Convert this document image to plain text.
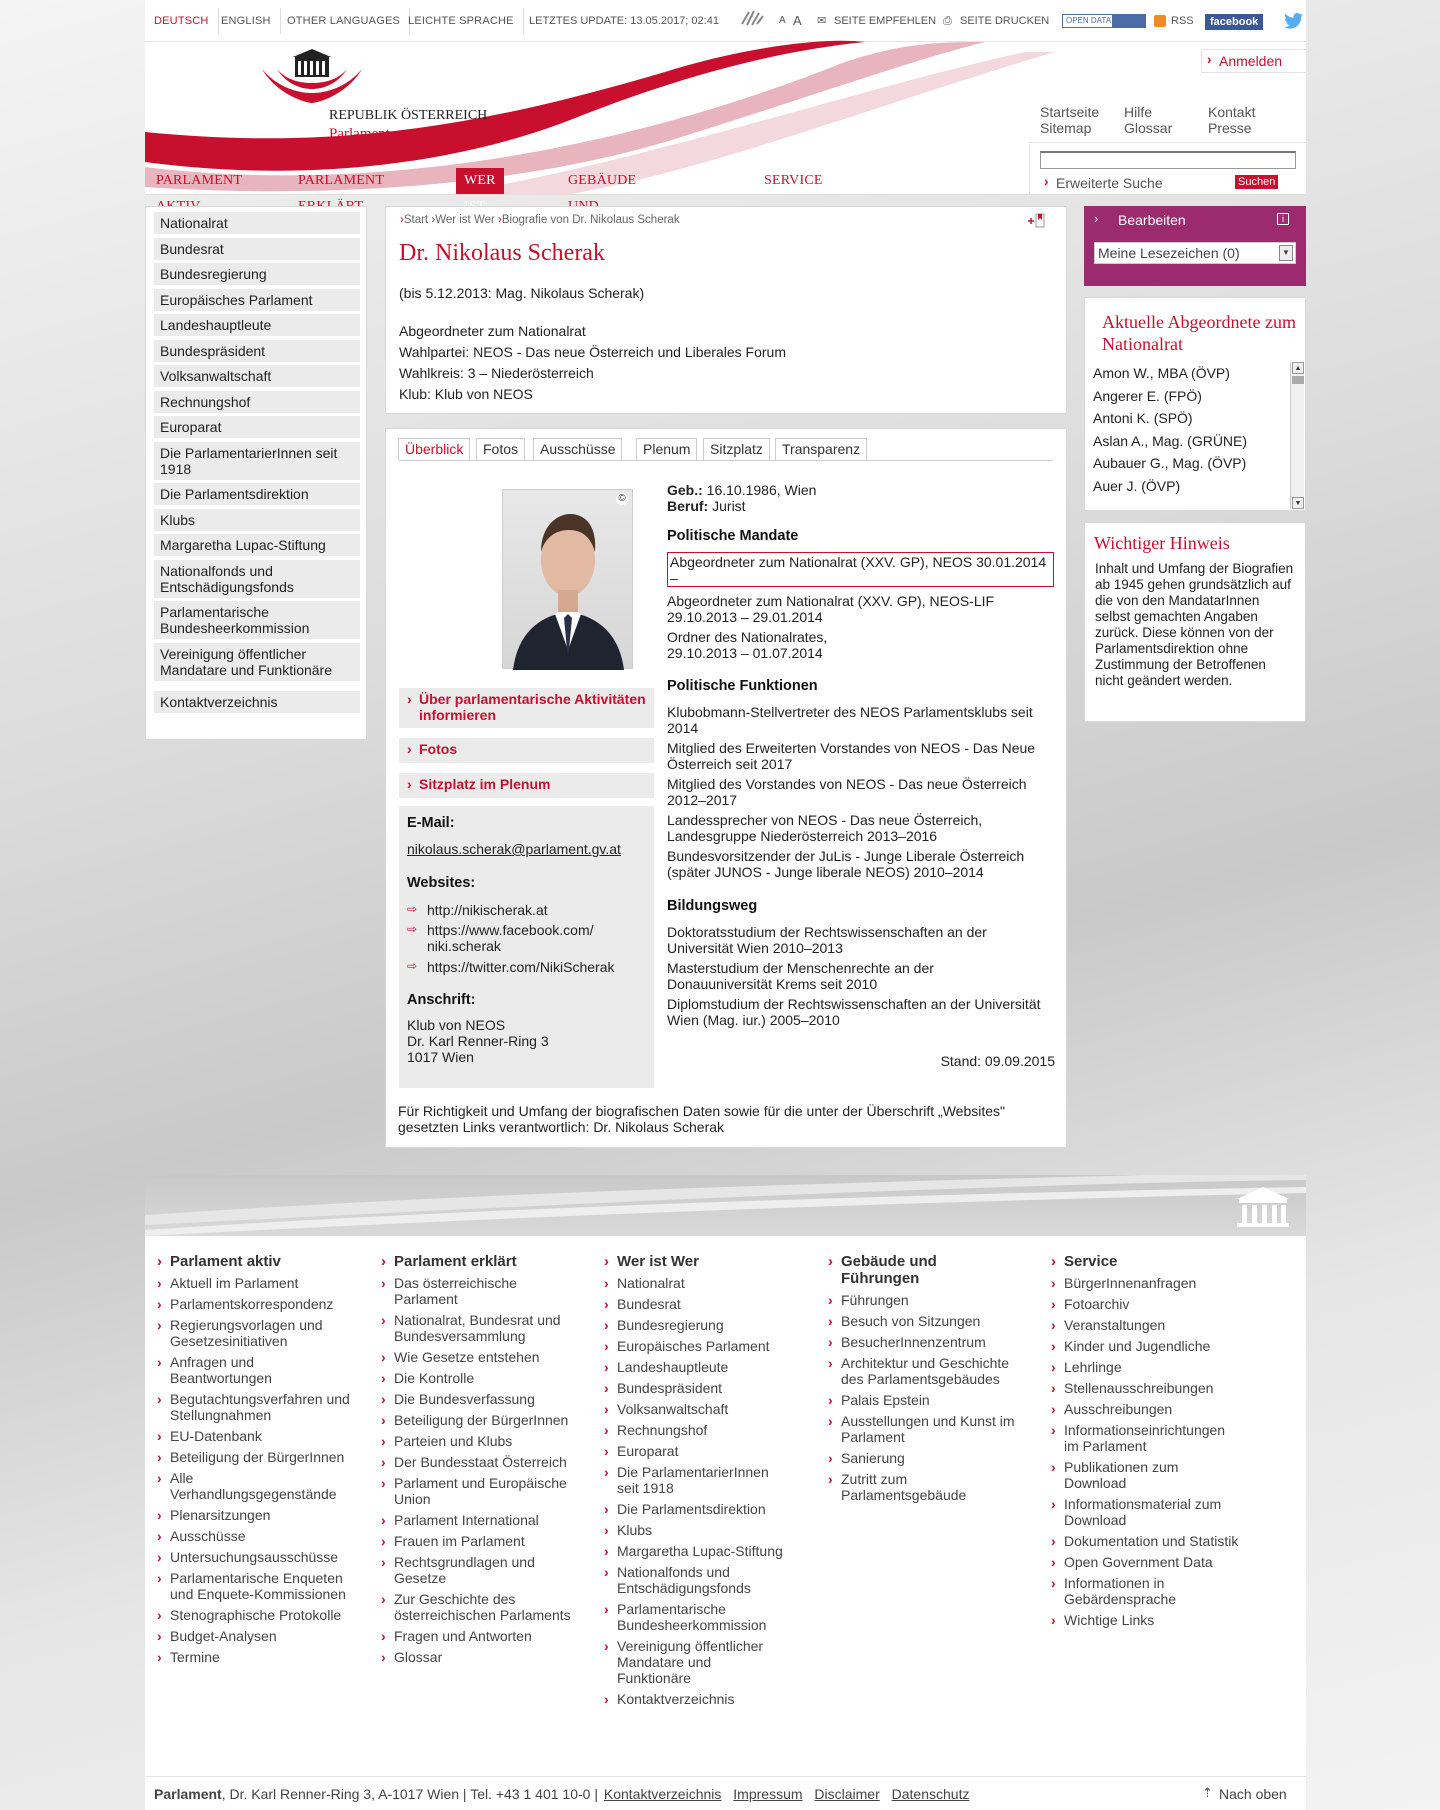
DEUTSCH	ENGLISH	OTHER LANGUAGES LEICHTE SPRACHE	LETZTES UPDATE: 13.05.2017; 02:41	A A ✉ SEITE EMPFEHLEN ⎙ SEITE DRUCKEN	OPEN DATA	RSS	facebook
REPUBLIK ÖSTERREICH
Parlament
› Anmelden
Startseite
Sitemap
Hilfe
Glossar
Kontakt
Presse
› Erweiterte Suche	Suchen
PARLAMENT	PARLAMENT	WER	GEBÄUDE	SERVICE
Nationalrat
Bundesrat
Bundesregierung
Europäisches Parlament
Landeshauptleute
Bundespräsident
Volksanwaltschaft
Rechnungshof
Europarat
Die ParlamentarierInnen seit 1918
Die Parlamentsdirektion
Klubs
Margaretha Lupac-Stiftung
Nationalfonds und Entschädigungsfonds
Parlamentarische Bundesheerkommission
Vereinigung öffentlicher Mandatare und Funktionäre
Kontaktverzeichnis
›Start ›Wer ist Wer ›Biografie von Dr. Nikolaus Scherak
Dr. Nikolaus Scherak
(bis 5.12.2013: Mag. Nikolaus Scherak)
Abgeordneter zum Nationalrat
Wahlpartei: NEOS - Das neue Österreich und Liberales Forum
Wahlkreis: 3 – Niederösterreich
Klub: Klub von NEOS
Überblick	Fotos	Ausschüsse	Plenum	Sitzplatz	Transparenz
©
Über parlamentarische Aktivitäten informieren
Fotos
Sitzplatz im Plenum
E-Mail:
nikolaus.scherak@parlament.gv.at
Websites:
⇨ http://nikischerak.at
⇨ https://www.facebook.com/ niki.scherak
⇨ https://twitter.com/NikiScherak
Anschrift:
Klub von NEOS
Dr. Karl Renner-Ring 3
1017 Wien
Geb.: 16.10.1986, Wien
Beruf: Jurist
Politische Mandate
Abgeordneter zum Nationalrat (XXV. GP), NEOS 30.01.2014 –
Abgeordneter zum Nationalrat (XXV. GP), NEOS-LIF 29.10.2013 – 29.01.2014
Ordner des Nationalrates, 29.10.2013 – 01.07.2014
Politische Funktionen
Klubobmann-Stellvertreter des NEOS Parlamentsklubs seit 2014
Mitglied des Erweiterten Vorstandes von NEOS - Das Neue Österreich seit 2017
Mitglied des Vorstandes von NEOS - Das neue Österreich 2012–2017
Landessprecher von NEOS - Das neue Österreich, Landesgruppe Niederösterreich 2013–2016
Bundesvorsitzender der JuLis - Junge Liberale Österreich (später JUNOS - Junge liberale NEOS) 2010–2014
Bildungsweg
Doktoratsstudium der Rechtswissenschaften an der Universität Wien 2010–2013
Masterstudium der Menschenrechte an der Donauuniversität Krems seit 2010
Diplomstudium der Rechtswissenschaften an der Universität Wien (Mag. iur.) 2005–2010
Stand: 09.09.2015
Für Richtigkeit und Umfang der biografischen Daten sowie für die unter der Überschrift „Websites" gesetzten Links verantwortlich: Dr. Nikolaus Scherak
› Bearbeiten	i
Meine Lesezeichen (0)	▼
Aktuelle Abgeordnete zum Nationalrat
Amon W., MBA (ÖVP)
Angerer E. (FPÖ)
Antoni K. (SPÖ)
Aslan A., Mag. (GRÜNE)
Aubauer G., Mag. (ÖVP)
Auer J. (ÖVP)
▲
▼
Wichtiger Hinweis
Inhalt und Umfang der Biografien ab 1945 gehen grundsätzlich auf die von den MandatarInnen selbst gemachten Angaben zurück. Diese können von der Parlamentsdirektion ohne Zustimmung der Betroffenen nicht geändert werden.
› Parlament aktiv
› Aktuell im Parlament
› Parlamentskorrespondenz
› Regierungsvorlagen und Gesetzesinitiativen
› Anfragen und Beantwortungen
› Begutachtungsverfahren und Stellungnahmen
› EU-Datenbank
› Beteiligung der BürgerInnen
› Alle Verhandlungsgegenstände
› Plenarsitzungen
› Ausschüsse
› Untersuchungsausschüsse
› Parlamentarische Enqueten und Enquete-Kommissionen
› Stenographische Protokolle
› Budget-Analysen
› Termine
› Parlament erklärt
› Das österreichische Parlament
› Nationalrat, Bundesrat und Bundesversammlung
› Wie Gesetze entstehen
› Die Kontrolle
› Die Bundesverfassung
› Beteiligung der BürgerInnen
› Parteien und Klubs
› Der Bundesstaat Österreich
› Parlament und Europäische Union
› Parlament International
› Frauen im Parlament
› Rechtsgrundlagen und Gesetze
› Zur Geschichte des österreichischen Parlaments
› Fragen und Antworten
› Glossar
› Wer ist Wer
› Nationalrat
› Bundesrat
› Bundesregierung
› Europäisches Parlament
› Landeshauptleute
› Bundespräsident
› Volksanwaltschaft
› Rechnungshof
› Europarat
› Die ParlamentarierInnen seit 1918
› Die Parlamentsdirektion
› Klubs
› Margaretha Lupac-Stiftung
› Nationalfonds und Entschädigungsfonds
› Parlamentarische Bundesheerkommission
› Vereinigung öffentlicher Mandatare und Funktionäre
› Kontaktverzeichnis
› Gebäude und Führungen
› Führungen
› Besuch von Sitzungen
› BesucherInnenzentrum
› Architektur und Geschichte des Parlamentsgebäudes
› Palais Epstein
› Ausstellungen und Kunst im Parlament
› Sanierung
› Zutritt zum Parlamentsgebäude
› Service
› BürgerInnenanfragen
› Fotoarchiv
› Veranstaltungen
› Kinder und Jugendliche
› Lehrlinge
› Stellenausschreibungen
› Ausschreibungen
› Informationseinrichtungen im Parlament
› Publikationen zum Download
› Informationsmaterial zum Download
› Dokumentation und Statistik
› Open Government Data
› Informationen in Gebärdensprache
› Wichtige Links
Parlament, Dr. Karl Renner-Ring 3, A-1017 Wien | Tel. +43 1 401 10-0 | Kontaktverzeichnis Impressum Disclaimer Datenschutz	⇡ Nach oben
